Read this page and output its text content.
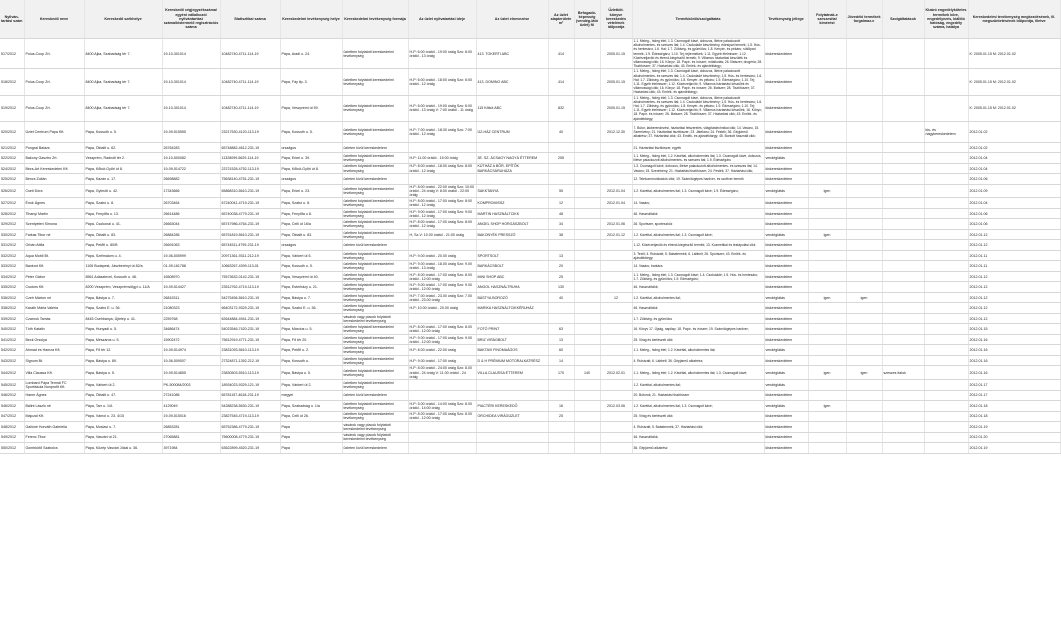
Nyilván-tartási szám	Kereskedő neve	Kereskedő székhelye	Kereskedő cégjegyzékszáma/ egyéni vállalkozói nyilvántartási száma/kistermelő regisztrációs száma	Statisztikai száma	Kereskedelmi tevékenység helye	Kereskedelmi tevékenység formája	Az üzlet nyitvatartási ideje	Az üzlet elnevezése	Az üzlet alapterülete m²	Befogadó-képesség (vendég-látó üzlet) fő	Üzletköt. könyve kereskedés vételének időpontja	Termékkörök/szolgáltatás	Tevékenység jellege	Folytatnak-e szeszesital kimérést	Jövedéki termékek forgalmaz-e	Szolgáltatások	Kizáró engedélyköteles termékek köre, engedélyezés, kiállító hatóság, engedély száma, hatálya	Kereskedelmi tevékenység megkezdésének, ill. megszüntetésének időpontja, illetve
517/2012	Polus-Coop Zrt.	8400 Ajka, Szabadság tér 7.	19-10-301014	10482740-4711-114-19	Pápa, Aradi u. 24.	üzletben folytatott kereskedelmi tevékenység	H-P: 6:00 órától - 19:00 óráig Szo: 6:00 órától - 13 óráig	413. TOKERTI ABC	414		2005.01.15	1.1. Meleg-, hideg étel; 1.3. Csomagolt kávé, dobozos, illetve palackozott alkoholmentes- és szeszes ital; 1.4. Csokoládé készítmény, édesipari termék; 1.5. Hús- és hentesáru; 1.6. Hal; 1.7. Zöldség- és gyümölcs; 1.8. Kenyér- és pékáru; sütőipari termék; 1.9. Édességáru; 1.10. Tej; tejtermékek; 1.11. Egyéb élelmiszer; 1.12. Közérzetjavító és étrend-kiegészítő termék; 9. Villamos háztartási készülék és villamossági cikk; 16. Könyv; 18. Papír- és írószer; műalkotás; 26. Illatszer; drogéria; 28. Tisztítószer; 37. Háztartási cikk; 43. Emlék- és ajándéktárgy;	kiskereskedelem					K: 2005.01.15 M: 2012.01.02
518/2012	Polus-Coop Zrt.	8400 Ajka, Szabadság tér 7.	19-10-301014	10482740-4711-114-19	Pápa, Fáy ltp. 3.	üzletben folytatott kereskedelmi tevékenység	H-P: 6:00 órától - 18:00 óráig Szo: 6:00 órától - 12 óráig	413. DOMINO ABC	414		2005.01.15	1.1. Meleg-, hideg étel; 1.3. Csomagolt kávé, dobozos, illetve palackozott alkoholmentes- és szeszes ital; 1.4. Csokoládé készítmény; 1.5. Hús- és hentesáru; 1.6. Hal; 1.7. Zöldség- és gyümölcs; 1.8. Kenyér- és pékáru; 1.9. Édességáru; 1.10. Tej; 1.11. Egyéb élelmiszer; 1.12. Közérzetjavító; 9. Villamos háztartási készülék és villamossági cikk; 16. Könyv; 18. Papír- és írószer; 26. Illatszer; 28. Tisztítószer; 37. Háztartási cikk; 43. Emlék- és ajándéktárgy;	kiskereskedelem					K: 2005.01.15 M: 2012.01.02
519/2012	Polus-Coop Zrt.	8400 Ajka, Szabadság tér 7.	19-10-301014	10482740-4711-114-19	Pápa, Veszprémi út 59.	üzletben folytatott kereskedelmi tevékenység	H-P: 6:00 órától - 19:00 óráig Szo: 6:00 órától - 13 óráig V: 7:00 órától - 11 óráig	115 Kőkút ABC	832		2005.01.15	1.1. Meleg-, hideg étel; 1.3. Csomagolt kávé, dobozos, illetve palackozott alkoholmentes- és szeszes ital; 1.4. Csokoládé készítmény; 1.5. Hús- és hentesáru; 1.6. Hal; 1.7. Zöldség- és gyümölcs; 1.8. Kenyér- és pékáru; 1.9. Édességáru; 1.10. Tej; 1.11. Egyéb élelmiszer; 1.12. Közérzetjavító; 9. Villamos háztartási készülék; 16. Könyv; 18. Papír- és írószer; 26. Illatszer; 28. Tisztítószer; 37. Háztartási cikk; 43. Emlék- és ajándéktárgy;	kiskereskedelem					K: 2005.01.15 M: 2012.01.02
520/2012	Üzlet Centrum Pápa Kft.	Pápa, Kossuth u. 5.	19-09-515555	23217530-4120-113-19	Pápa, Kossuth u. 5.	üzletben folytatott kereskedelmi tevékenység	H-P: 7:00 órától - 18:30 óráig Szo: 7:00 órától - 12 óráig	ÜZ-HÁZ CENTRUM	40		2012.12.30	7. Bútor, lakberendezési, háztartási felszerelés, világítástechnikai cikk; 14. Vasáru, 15. Szerelvény; 21. Háztartási tisztítószer; 23. Játékáru; 24. Festék; 36. Gépjármű alkatrész; 37. Háztartási cikk; 43. Emlék- és ajándéktárgy; 45. Bontott használt cikk;	kiskereskedelem				kis- és nagykereskedelem	2012.01.02
521/2012	Pongrai Balázs	Pápa, Öktalit u. 62.	26764283	65748882-4612-231-19	országos	üzleten kívül kereskedelem						21. Háztartási tisztítószer, egyéb	kiskereskedelem					2012.01.02
522/2012	Bakony Gasztro Zrt.	Veszprém, Radnóti tér 2.	19-10-500082	11328099-5629-114-19	Pápa, Erkel u. 39.	üzletben folytatott kereskedelmi tevékenység	H-P: 11.00 órától - 15.00 óráig	3E. SZ. ÁCSAGY NAGYÁ ÉTTEREM	255			1.1. Meleg-, hideg étel; 1.2. Kávéital, alkoholmentes ital; 1.3. Csomagolt kávé, dobozos, illetve palackozott alkoholmentes- és szeszes ital; 1.9. Édességáru	vendéglátás					2012.01.04
524/2012	Bézs-Art Kereskedelmi Kft.	Pápa, Kőkút-Győri út 8.	19-09-514722	23721528-4752-113-19	Pápa, Kőkút-Győri út 8.	üzletben folytatott kereskedelmi tevékenység	H-P: 8:00 órától - 18:00 óráig Szo: 8:00 órától - 12 óráig	KÚTHÁZ A BŐR- EPÍTŐK BARKÁCSÁRUHÁZA				1.3. Csomagolt kávé, dobozos, illetve palackozott alkoholmentes- és szeszes ital; 14. Vasáru; 15. Szerelvény; 21. Háztartási tisztítószer; 24. Festék; 37. Háztartási cikk;	kiskereskedelem					2012.01.04
525/2012	Bencs Zoltán	Pápa, Kazán u. 17.	26698882	75638140-4751-231-19	országos	üzleten kívül kereskedelem						12. Telekommunikációs cikk; 19. Számítógépes hardver- és szoftver termék	kiskereskedelem					2012.01.06
526/2012	Cseti Dóra	Pápa, Gyimóti u. 42.	17343666	65868310-5610-231-19	Pápa, Erkel u. 23.	üzletben folytatott kereskedelmi tevékenység	H-P: 8:00 órától - 22:00 óráig Szo: 10:00 órától - 24 óráig V: 8:00 órától - 22:00 óráig	SAKKTANYA	55		2012.01.04	1.2. Kávéital, alkoholmentes ital; 1.3. Csomagolt kávé; 1.9. Édességáru;	vendéglátás	igen				2012.01.09
527/2012	Énok Ágnes	Pápa, Szabó u. 8.	26703464	67240041-4719-231-19	Pápa, Szabó u. 8.	üzletben folytatott kereskedelmi tevékenység	H-P: 8:00 órától - 17:00 óráig Szo: 8:00 órától - 12 óráig	KOMPROMISSZ	12		2012.01.04	14. Vasáru;	kiskereskedelem					2012.01.04
528/2012	Tihanyi Martin	Pápa, Fenyőfa u. 13.	26614486	65740038-4779-231-19	Pápa, Fenyőfa u 8.	üzletben folytatott kereskedelmi tevékenység	H-P: 9:00 órától - 17:00 óráig Szo: 9:00 órától - 12 óráig	MARTIN HASZNÁLTCIKK	48			46. Használtcikk	kiskereskedelem					2012.01.06
529/2012	Szentpéteri Simona	Pápa, Csokonai u. 41.	26663044	65747986-4764-231-19	Pápa, Celli út 16/a	üzletben folytatott kereskedelmi tevékenység	H-P: 8:00 órától - 17:00 óráig Szo: 8:00 órától - 12 óráig	ANGEL SHOP HORGÁSZBOLT	34		2012.01.06	26. Sportszer, sporteszköz	kiskereskedelem					2012.01.06
530/2012	Farkas Tibor né	Pápa, Öktalit u. 83.	26884286	65751819-5610-231-19	Pápa, Öktalit u. 83.	üzletben folytatott kereskedelmi tevékenység	H, Sz-V: 10.00 órától - 21:00 óráig	BAKONYÉK PRESSZÓ	38		2012.01.12	1.2. Kávéital, alkoholmentes ital; 1.3. Csomagolt kávé;	vendéglátás	igen				2012.01.12
531/2012	Orbán Attila	Pápa, Petőfi u. 80/B	26691063	65744511-4799-231-19	országos	üzleten kívül kereskedelem						1.12. Közérzetjavító és étrend-kiegészítő termék; 13. Kozmetikai és testápolási cikk	kiskereskedelem					2012.01.12
532/2012	Aqua Mobil Bt.	Pápa, Szélmalom u. 4.	19-06-505999	20971361-9311-212-19	Pápa, Várkert út 5.	üzletben folytatott kereskedelmi tevékenység	H-P: 9.00 órától - 20.00 óráig	SPORTSOLT	13			3. Textil; 4. Ruházati; 5. Babatermék; 6. Lábbeli; 26. Sportszer; 43. Emlék- és ajándéktárgy;	kiskereskedelem					2012.01.11
533/2012	Bankrot Kft.	1106 Budapest, Jászberényi út 82/a	01-09-161788	10663267-4399-113-01	Pápa, Kossuth u. 5.	üzletben folytatott kereskedelmi tevékenység	H-P: 9.00 órától - 18.00 óráig Szo: 9.00 órától - 13 óráig	BARKÁCSBOLT	20			14. Vasáru; barkács	kiskereskedelem					2012.01.11
534/2012	Péter Gábor	8561 Adásztevel, Kossuth u. 48.	16508970	75573632-0142-231-19	Pápa, Veszprémi út 40.	üzletben folytatott kereskedelmi tevékenység	H-P: 8.00 órától - 17:00 óráig Szo: 8.00 órától - 12:00 óráig	MINI SHOP ABC	25			1.1. Meleg-, hideg étel; 1.3. Csomagolt kávé; 1.4. Csokoládé; 1.5. Hús- és hentesáru; 1.7. Zöldség- és gyümölcs; 1.9. Édességáru;	kiskereskedelem					2012.01.12
535/2012	Csutors Kft.	8200 Veszprém, Veszprémvölgyi u. 11/A	19-09-514427	23512762-4719-113-19	Pápa, Esterházy u. 21.	üzletben folytatott kereskedelmi tevékenység	H-P: 9.00 órától - 17:00 óráig Szo: 9.00 órától - 12:00 óráig	ANGOL HASZNÁLTRUHA	130			46. Használtcikk;	kiskereskedelem					2012.01.12
536/2012	Czeh Márton né	Pápa, Bástya u. 7.	26815311	54275456-5610-231-19	Pápa, Bástya u. 7.	üzletben folytatott kereskedelmi tevékenység	H-P: 7.00 órától - 23.00 óráig Szo: 7.00 órától - 23.00 óráig	BÁSTYA BOROZÓ	40		12	1.2. Kávéital, alkoholmentes ital;	vendéglátás	igen	igen			2012.01.12
538/2012	Karáth Mária Valéria	Pápa, Szabó E. u. 36.	21080323	66403172-9329-231-19	Pápa, Szabó E. u. 36.	üzletben folytatott kereskedelmi tevékenység	H-P: 10.00 órától - 20.00 óráig	MARIKA HASZNÁLTCIKKÉRUHÁZ				46. Használtcikk	kiskereskedelem					2012.01.12
539/2012	Czarnok Tamás	8445 Csehbánya, Újtelep u. 41.	2259768	62644884-4941-231-19	Pápa	vásárok vagy piacok folytatott kereskedelmi tevékenység						1.7. Zöldség- és gyümölcs	kiskereskedelem					2012.01.12
540/2012	Tóth Katalin	Pápa, Hunyadi u. 5.	34686474	54023546-7420-231-19	Pápa, Március u. 5.	üzletben folytatott kereskedelmi tevékenység	H-P: 8.00 órától - 17:00 óráig Szo: 8.00 órától - 12:00 óráig	FOTÓ PRINT	63			16. Könyv 17. Újság, napilap; 18. Papír- és írószer; 19. Számítógépes hardver;	kiskereskedelem					2012.01.15
541/2012	Beck Orsolya	Pápa, Mészáros u. 5.	15902472	75612919-4771-231-19	Pápa, Fő tér 20.	üzletben folytatott kereskedelmi tevékenység	H-P: 9.00 órától - 17:00 óráig Szo: 9.00 órától - 12:00 óráig	BRIZ VIRÁGBOLT	13			25. Virág és kertészeti cikk	kiskereskedelem					2012.01.16
542/2012	Ahmad és Hamza Kft.	Pápa, Fő tér 12.	19-09-514974	23831093-5610-113-19	Pápa, Petőfi u. 2.	üzletben folytatott kereskedelmi tevékenység	H-P: 8.00 órától - 22:00 óráig	BAKTAVI FINOMAÁGOS	60			1.1. Meleg-, hideg étel; 1.2. Kávéital, alkoholmentes ital;	vendéglátás					2012.01.16
543/2012	Signum Bt.	Pápa, Bástya u. 89.	19-06-509007	27324871-1392-212-19	Pápa, Kossuth u.	üzletben folytatott kereskedelmi tevékenység	H-P: 9.00 órától - 17:00 óráig	D & H PRÉMIUM MOTORALKATRÉSZ	14			4. Ruházati; 6. Lábbeli; 36. Gépjármű alkatrész;	kiskereskedelem					2012.01.16
544/2012	Villa Claussa Kft.	Pápa, Bástya u. 5.	19-09-514855	23830503-5510-113-19	Pápa, Bástya u. 5.	üzletben folytatott kereskedelmi tevékenység	H-P: 8.00 órától - 24:00 óráig Szo: 8.00 órától - 24 óráig V: 11.00 órától - 24 óráig	VILLA CLAUSSA ÉTTEREM	170	140	2012.02.01	1.1. Meleg-, hideg étel; 1.2. Kávéital, alkoholmentes ital; 1.3. Csomagolt kávé;	vendéglátás	igen	igen	szeszes italok		2012.01.16
545/2012	Lombard Pápa Termál FC Sportiskola Nonprofit Kft.	Pápa, Várkert út 2.	PK-500084/2003	18934023-9329-121-19	Pápa, Várkert út 2.	üzletben folytatott kereskedelmi tevékenység						1.2. Kávéital, alkoholmentes ital;	vendéglátás					2012.01.17
546/2012	Haner Ágnes	Pápa, Öktalit u. 47.	27241086	65781157-4618-231-19	megyei	üzleten kívül kereskedelem						20. Bútorok; 21. Háztartási tisztítószer	kiskereskedelem					2012.01.17
546/2012	Bálint László né	Pápa, Tarr u. 1/A	4129049	54288238-5630-231-19	Pápa, Szabadság u. 1/a	üzletben folytatott kereskedelmi tevékenység	H-P: 5.00 órától - 14:00 óráig Szo: 8.00 órától - 14:00 óráig	PIACTÉRI KERESKEDŐ	16		2012.03.06	1.2. Kávéital, alkoholmentes ital; 1.3. Csomagolt kávé;	vendéglátás	igen				2012.01.18
547/2012	Majczal Kft.	Pápa, Vámol u. 23. 4/15	19-09-515016	23827545-4719-113-19	Pápa, Celli út 26.	üzletben folytatott kereskedelmi tevékenység	H-P: 8.00 órától - 17:00 óráig Szo: 8.00 órától - 12:00 óráig	ORCHIDEA VIRÁGÜZLET	25			25. Virág és kertészeti cikk	kiskereskedelem					2012.01.18
548/2012	Gallóné Horváth Gabriella	Pápa, Moslavi u. 7.	26853281	65752386-4779-231-19	Pápa	vásárok vagy piacok folytatott kereskedelmi tevékenység						4. Ruházati; 5. Babatermék; 37. Háztartási cikk;	kiskereskedelem					2012.01.19
549/2012	Ferenc Tibor	Pápa, Vasvári út 21.	27065881	75600008-4779-231-19	Pápa	vásárok vagy piacok folytatott kereskedelmi tevékenység						46. Használtcikk;	kiskereskedelem					2012.01.20
550/2012	Gombkötő Szabolcs	Pápa, Közép Vasvári Jókai u. 36.	3971984	63622899-4520-231-19	Pápa	üzleten kívül kereskedelem						36. Gépjármű alkatrész	kiskereskedelem					2012.01.19
